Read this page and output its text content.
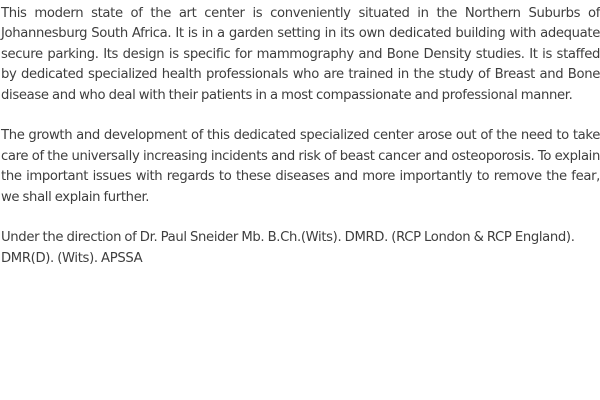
This modern state of the art center is conveniently situated in the Northern Suburbs of Johannesburg South Africa. It is in a garden setting in its own dedicated building with adequate secure parking. Its design is specific for mammography and Bone Density studies. It is staffed by dedicated specialized health professionals who are trained in the study of Breast and Bone disease and who deal with their patients in a most compassionate and professional manner.

The growth and development of this dedicated specialized center arose out of the need to take care of the universally increasing incidents and risk of beast cancer and osteoporosis. To explain the important issues with regards to these diseases and more importantly to remove the fear, we shall explain further.

Under the direction of Dr. Paul Sneider Mb. B.Ch.(Wits). DMRD. (RCP London & RCP England). DMR(D). (Wits). APSSA
